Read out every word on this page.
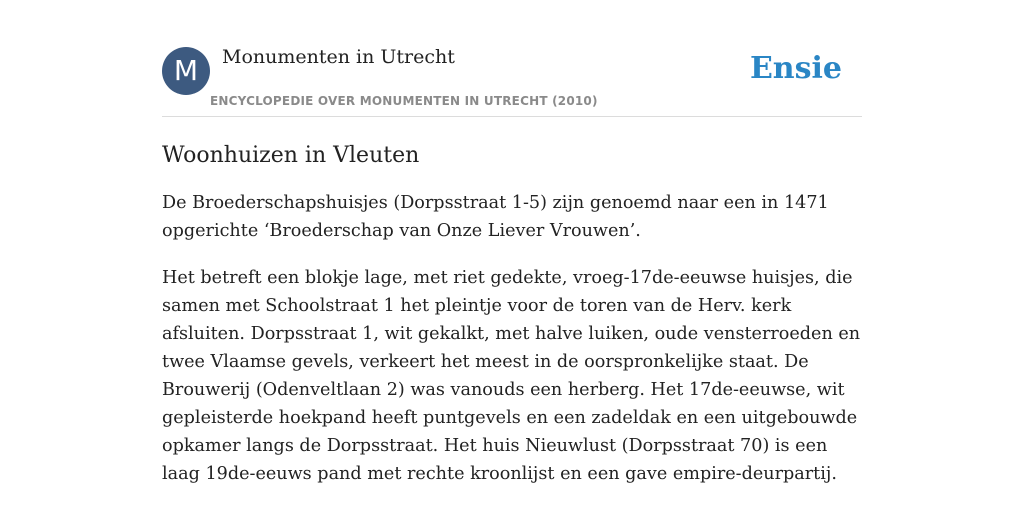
M	Monumenten in Utrecht
ENCYCLOPEDIE OVER MONUMENTEN IN UTRECHT (2010)
Ensie
Woonhuizen in Vleuten

De Broederschapshuisjes (Dorpsstraat 1-5) zijn genoemd naar een in 1471 opgerichte ‘Broederschap van Onze Liever Vrouwen’.

Het betreft een blokje lage, met riet gedekte, vroeg-17de-eeuwse huisjes, die samen met Schoolstraat 1 het pleintje voor de toren van de Herv. kerk afsluiten. Dorpsstraat 1, wit gekalkt, met halve luiken, oude vensterroeden en twee Vlaamse gevels, verkeert het meest in de oorspronkelijke staat. De Brouwerij (Odenveltlaan 2) was vanouds een herberg. Het 17de-eeuwse, wit gepleisterde hoekpand heeft puntgevels en een zadeldak en een uitgebouwde opkamer langs de Dorpsstraat. Het huis Nieuwlust (Dorpsstraat 70) is een laag 19de-eeuws pand met rechte kroonlijst en een gave empire-deurpartij.
